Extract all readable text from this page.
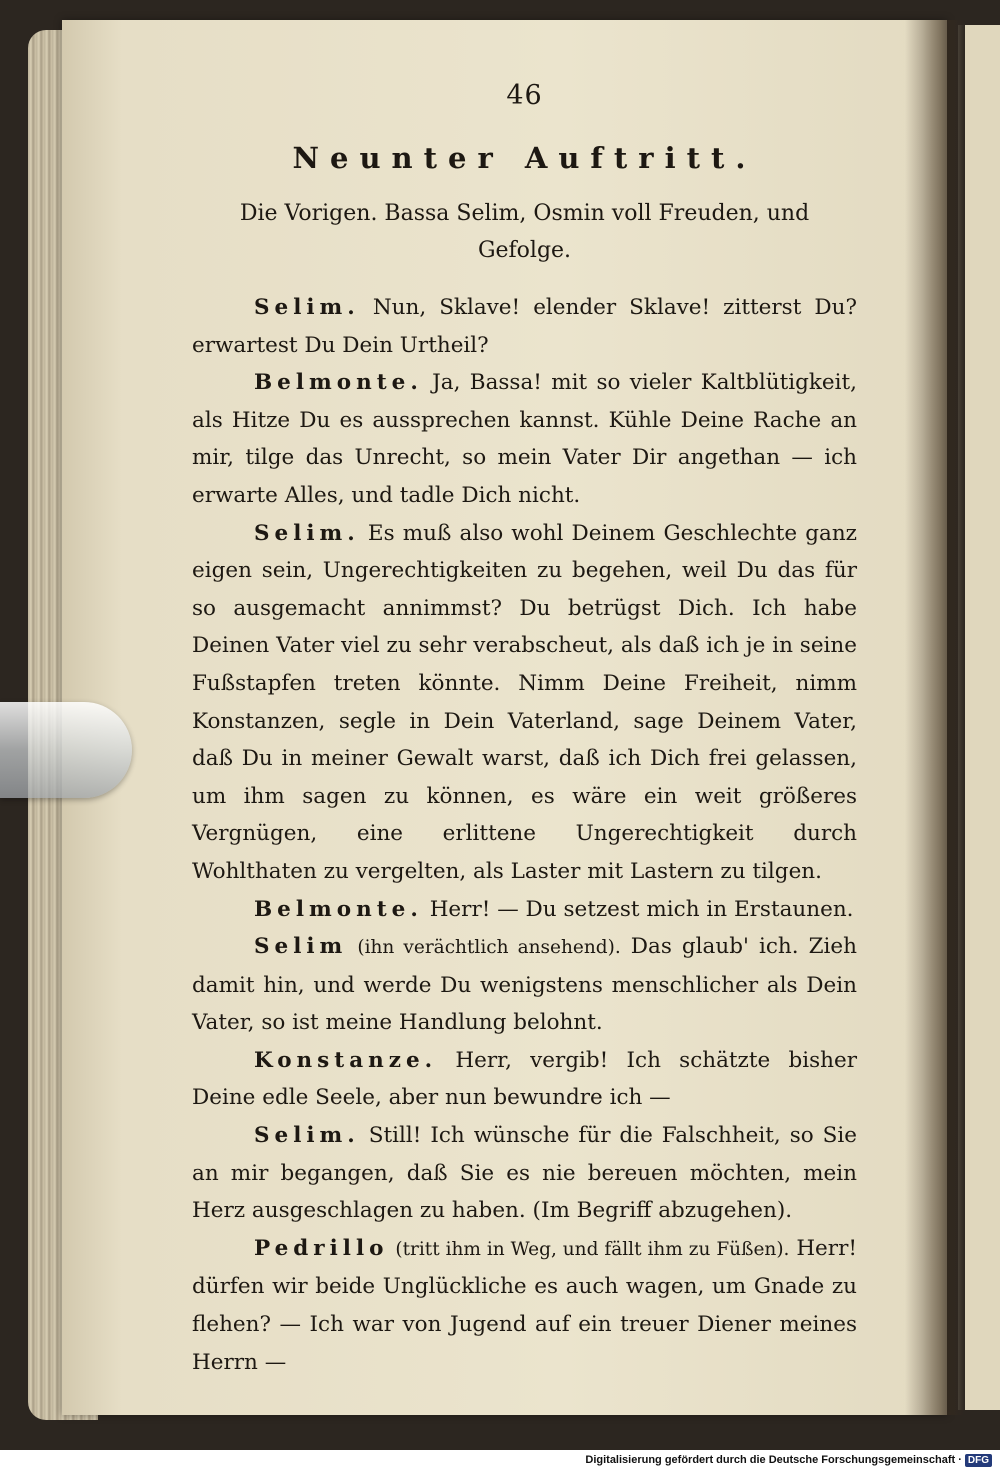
46
Neunter Auftritt.
Die Vorigen. Bassa Selim, Osmin voll Freuden, und Gefolge.

Selim. Nun, Sklave! elender Sklave! zitterst Du? erwartest Du Dein Urtheil?

Belmonte. Ja, Bassa! mit so vieler Kaltblütigkeit, als Hitze Du es aussprechen kannst. Kühle Deine Rache an mir, tilge das Unrecht, so mein Vater Dir angethan — ich erwarte Alles, und tadle Dich nicht.

Selim. Es muß also wohl Deinem Geschlechte ganz eigen sein, Ungerechtigkeiten zu begehen, weil Du das für so ausgemacht annimmst? Du betrügst Dich. Ich habe Deinen Vater viel zu sehr verabscheut, als daß ich je in seine Fußstapfen treten könnte. Nimm Deine Freiheit, nimm Konstanzen, segle in Dein Vaterland, sage Deinem Vater, daß Du in meiner Gewalt warst, daß ich Dich frei gelassen, um ihm sagen zu können, es wäre ein weit größeres Vergnügen, eine erlittene Ungerechtigkeit durch Wohlthaten zu vergelten, als Laster mit Lastern zu tilgen.

Belmonte. Herr! — Du setzest mich in Erstaunen.

Selim (ihn verächtlich ansehend). Das glaub' ich. Zieh damit hin, und werde Du wenigstens menschlicher als Dein Vater, so ist meine Handlung belohnt.

Konstanze. Herr, vergib! Ich schätzte bisher Deine edle Seele, aber nun bewundre ich —

Selim. Still! Ich wünsche für die Falschheit, so Sie an mir begangen, daß Sie es nie bereuen möchten, mein Herz ausgeschlagen zu haben. (Im Begriff abzugehen).

Pedrillo (tritt ihm in Weg, und fällt ihm zu Füßen). Herr! dürfen wir beide Unglückliche es auch wagen, um Gnade zu flehen? — Ich war von Jugend auf ein treuer Diener meines Herrn —

Digitalisierung gefördert durch die Deutsche Forschungsgemeinschaft · DFG
